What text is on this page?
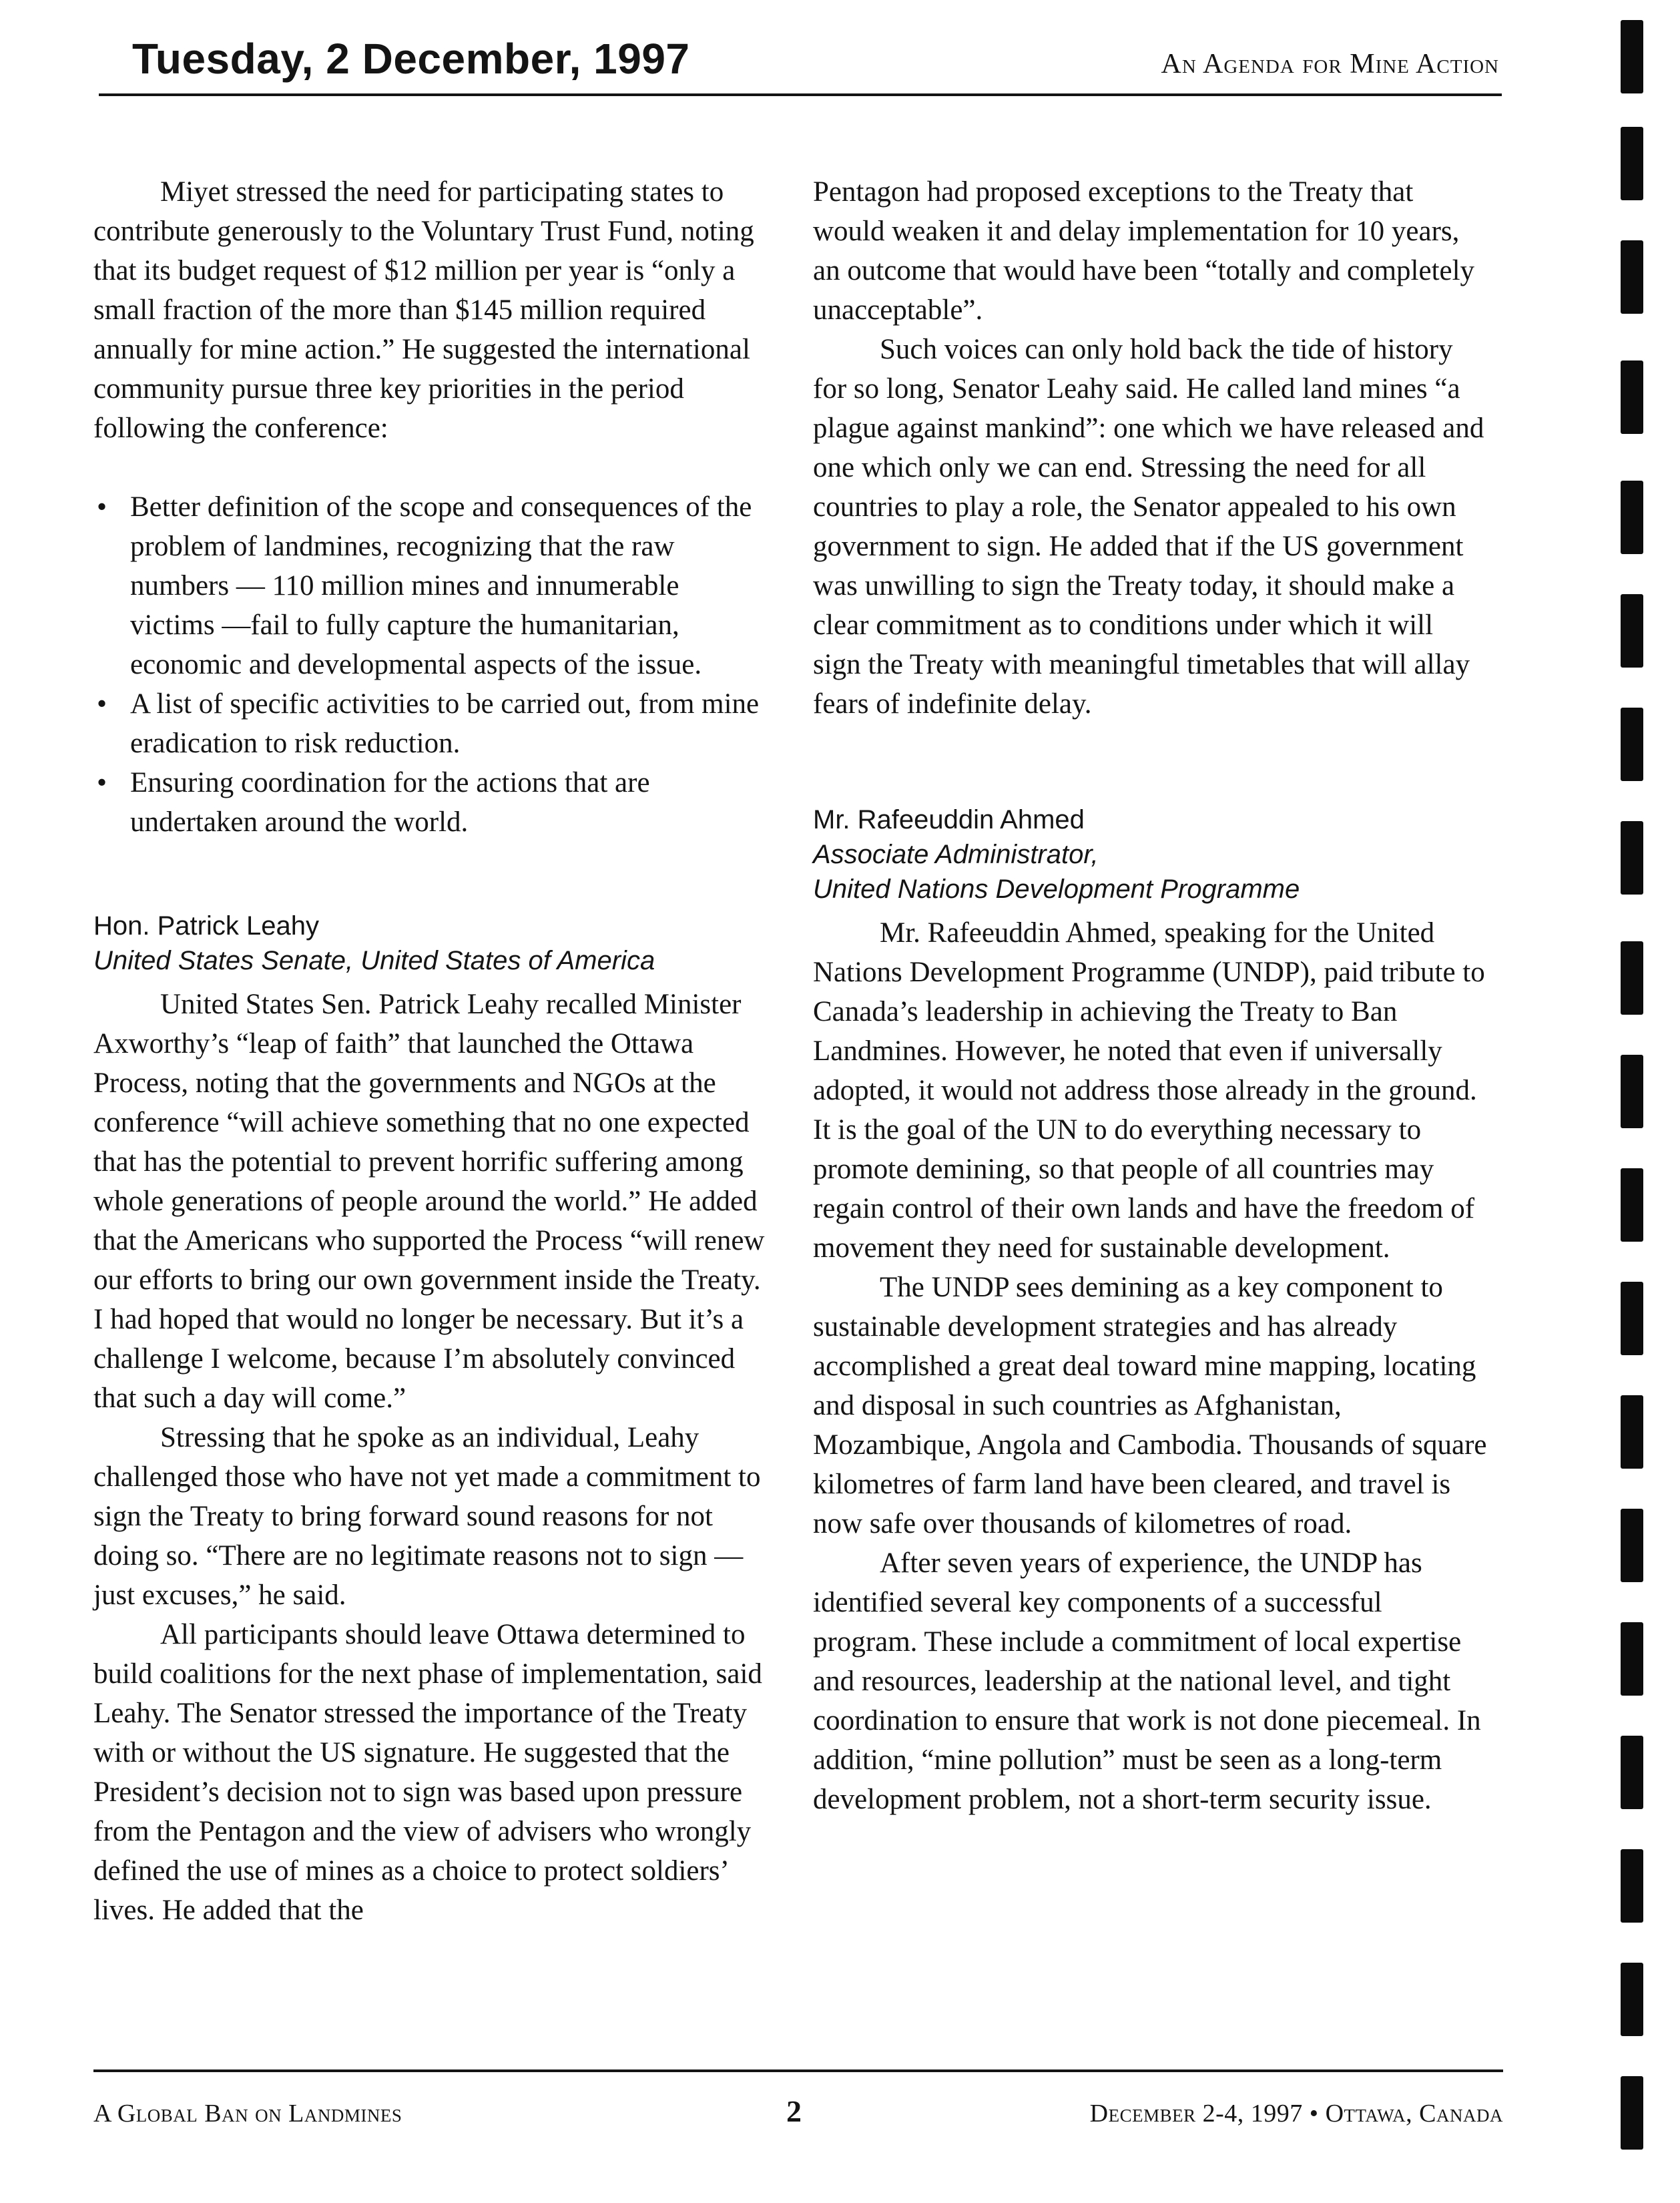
Tuesday, 2 December, 1997	An Agenda for Mine Action

Miyet stressed the need for participating states to contribute generously to the Voluntary Trust Fund, noting that its budget request of $12 million per year is “only a small fraction of the more than $145 million required annually for mine action.” He suggested the international community pursue three key priorities in the period following the conference:

• Better definition of the scope and consequences of the problem of landmines, recognizing that the raw numbers — 110 million mines and innumerable victims —fail to fully capture the humanitarian, economic and developmental aspects of the issue.
• A list of specific activities to be carried out, from mine eradication to risk reduction.
• Ensuring coordination for the actions that are undertaken around the world.

Hon. Patrick Leahy

United States Senate, United States of America

United States Sen. Patrick Leahy recalled Minister Axworthy’s “leap of faith” that launched the Ottawa Process, noting that the governments and NGOs at the conference “will achieve something that no one expected that has the potential to prevent horrific suffering among whole generations of people around the world.” He added that the Americans who supported the Process “will renew our efforts to bring our own government inside the Treaty. I had hoped that would no longer be necessary. But it’s a challenge I welcome, because I’m absolutely convinced that such a day will come.”

Stressing that he spoke as an individual, Leahy challenged those who have not yet made a commitment to sign the Treaty to bring forward sound reasons for not doing so. “There are no legitimate reasons not to sign — just excuses,” he said.

All participants should leave Ottawa determined to build coalitions for the next phase of implementation, said Leahy. The Senator stressed the importance of the Treaty with or without the US signature. He suggested that the President’s decision not to sign was based upon pressure from the Pentagon and the view of advisers who wrongly defined the use of mines as a choice to protect soldiers’ lives. He added that the

Pentagon had proposed exceptions to the Treaty that would weaken it and delay implementation for 10 years, an outcome that would have been “totally and completely unacceptable”.

Such voices can only hold back the tide of history for so long, Senator Leahy said. He called land mines “a plague against mankind”: one which we have released and one which only we can end. Stressing the need for all countries to play a role, the Senator appealed to his own government to sign. He added that if the US government was unwilling to sign the Treaty today, it should make a clear commitment as to conditions under which it will sign the Treaty with meaningful timetables that will allay fears of indefinite delay.

Mr. Rafeeuddin Ahmed

Associate Administrator,

United Nations Development Programme

Mr. Rafeeuddin Ahmed, speaking for the United Nations Development Programme (UNDP), paid tribute to Canada’s leadership in achieving the Treaty to Ban Landmines. However, he noted that even if universally adopted, it would not address those already in the ground. It is the goal of the UN to do everything necessary to promote demining, so that people of all countries may regain control of their own lands and have the freedom of movement they need for sustainable development.

The UNDP sees demining as a key component to sustainable development strategies and has already accomplished a great deal toward mine mapping, locating and disposal in such countries as Afghanistan, Mozambique, Angola and Cambodia. Thousands of square kilometres of farm land have been cleared, and travel is now safe over thousands of kilometres of road.

After seven years of experience, the UNDP has identified several key components of a successful program. These include a commitment of local expertise and resources, leadership at the national level, and tight coordination to ensure that work is not done piecemeal. In addition, “mine pollution” must be seen as a long-term development problem, not a short-term security issue.

A Global Ban on Landmines	2	December 2-4, 1997 • Ottawa, Canada
